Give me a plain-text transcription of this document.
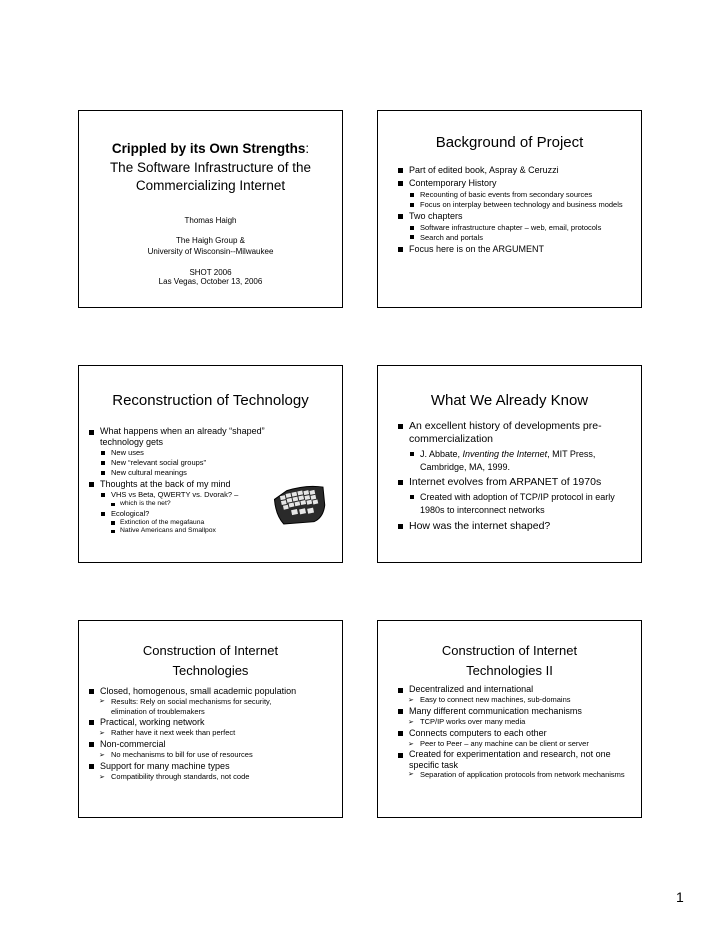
Crippled by its Own Strengths:
The Software Infrastructure of the
Commercializing Internet
Thomas Haigh
The Haigh Group &
University of Wisconsin--Milwaukee
SHOT 2006
Las Vegas, October 13, 2006
Background of Project
Part of edited book, Aspray & Ceruzzi
Contemporary History
Recounting of basic events from secondary sources
Focus on interplay between technology and business models
Two chapters
Software infrastructure chapter – web, email, protocols
Search and portals
Focus here is on the ARGUMENT
Reconstruction of Technology
What happens when an already “shaped” technology gets
New uses
New “relevant social groups”
New cultural meanings
Thoughts at the back of my mind
VHS vs Beta, QWERTY vs. Dvorak? –
which is the net?
Ecological?
Extinction of the megafauna
Native Americans and Smallpox
What We Already Know
An excellent history of developments pre-commercialization
J. Abbate, Inventing the Internet, MIT Press, Cambridge, MA, 1999.
Internet evolves from ARPANET of 1970s
Created with adoption of TCP/IP protocol in early 1980s to interconnect networks
How was the internet shaped?
Construction of Internet
Technologies
Closed, homogenous, small academic population
➢ Results: Rely on social mechanisms for security, elimination of troublemakers
Practical, working network
➢ Rather have it next week than perfect
Non-commercial
➢ No mechanisms to bill for use of resources
Support for many machine types
➢ Compatibility through standards, not code
Construction of Internet
Technologies II
Decentralized and international
➢ Easy to connect new machines, sub-domains
Many different communication mechanisms
➢ TCP/IP works over many media
Connects computers to each other
➢ Peer to Peer – any machine can be client or server
Created for experimentation and research, not one specific task
➢ Separation of application protocols from network mechanisms
1
